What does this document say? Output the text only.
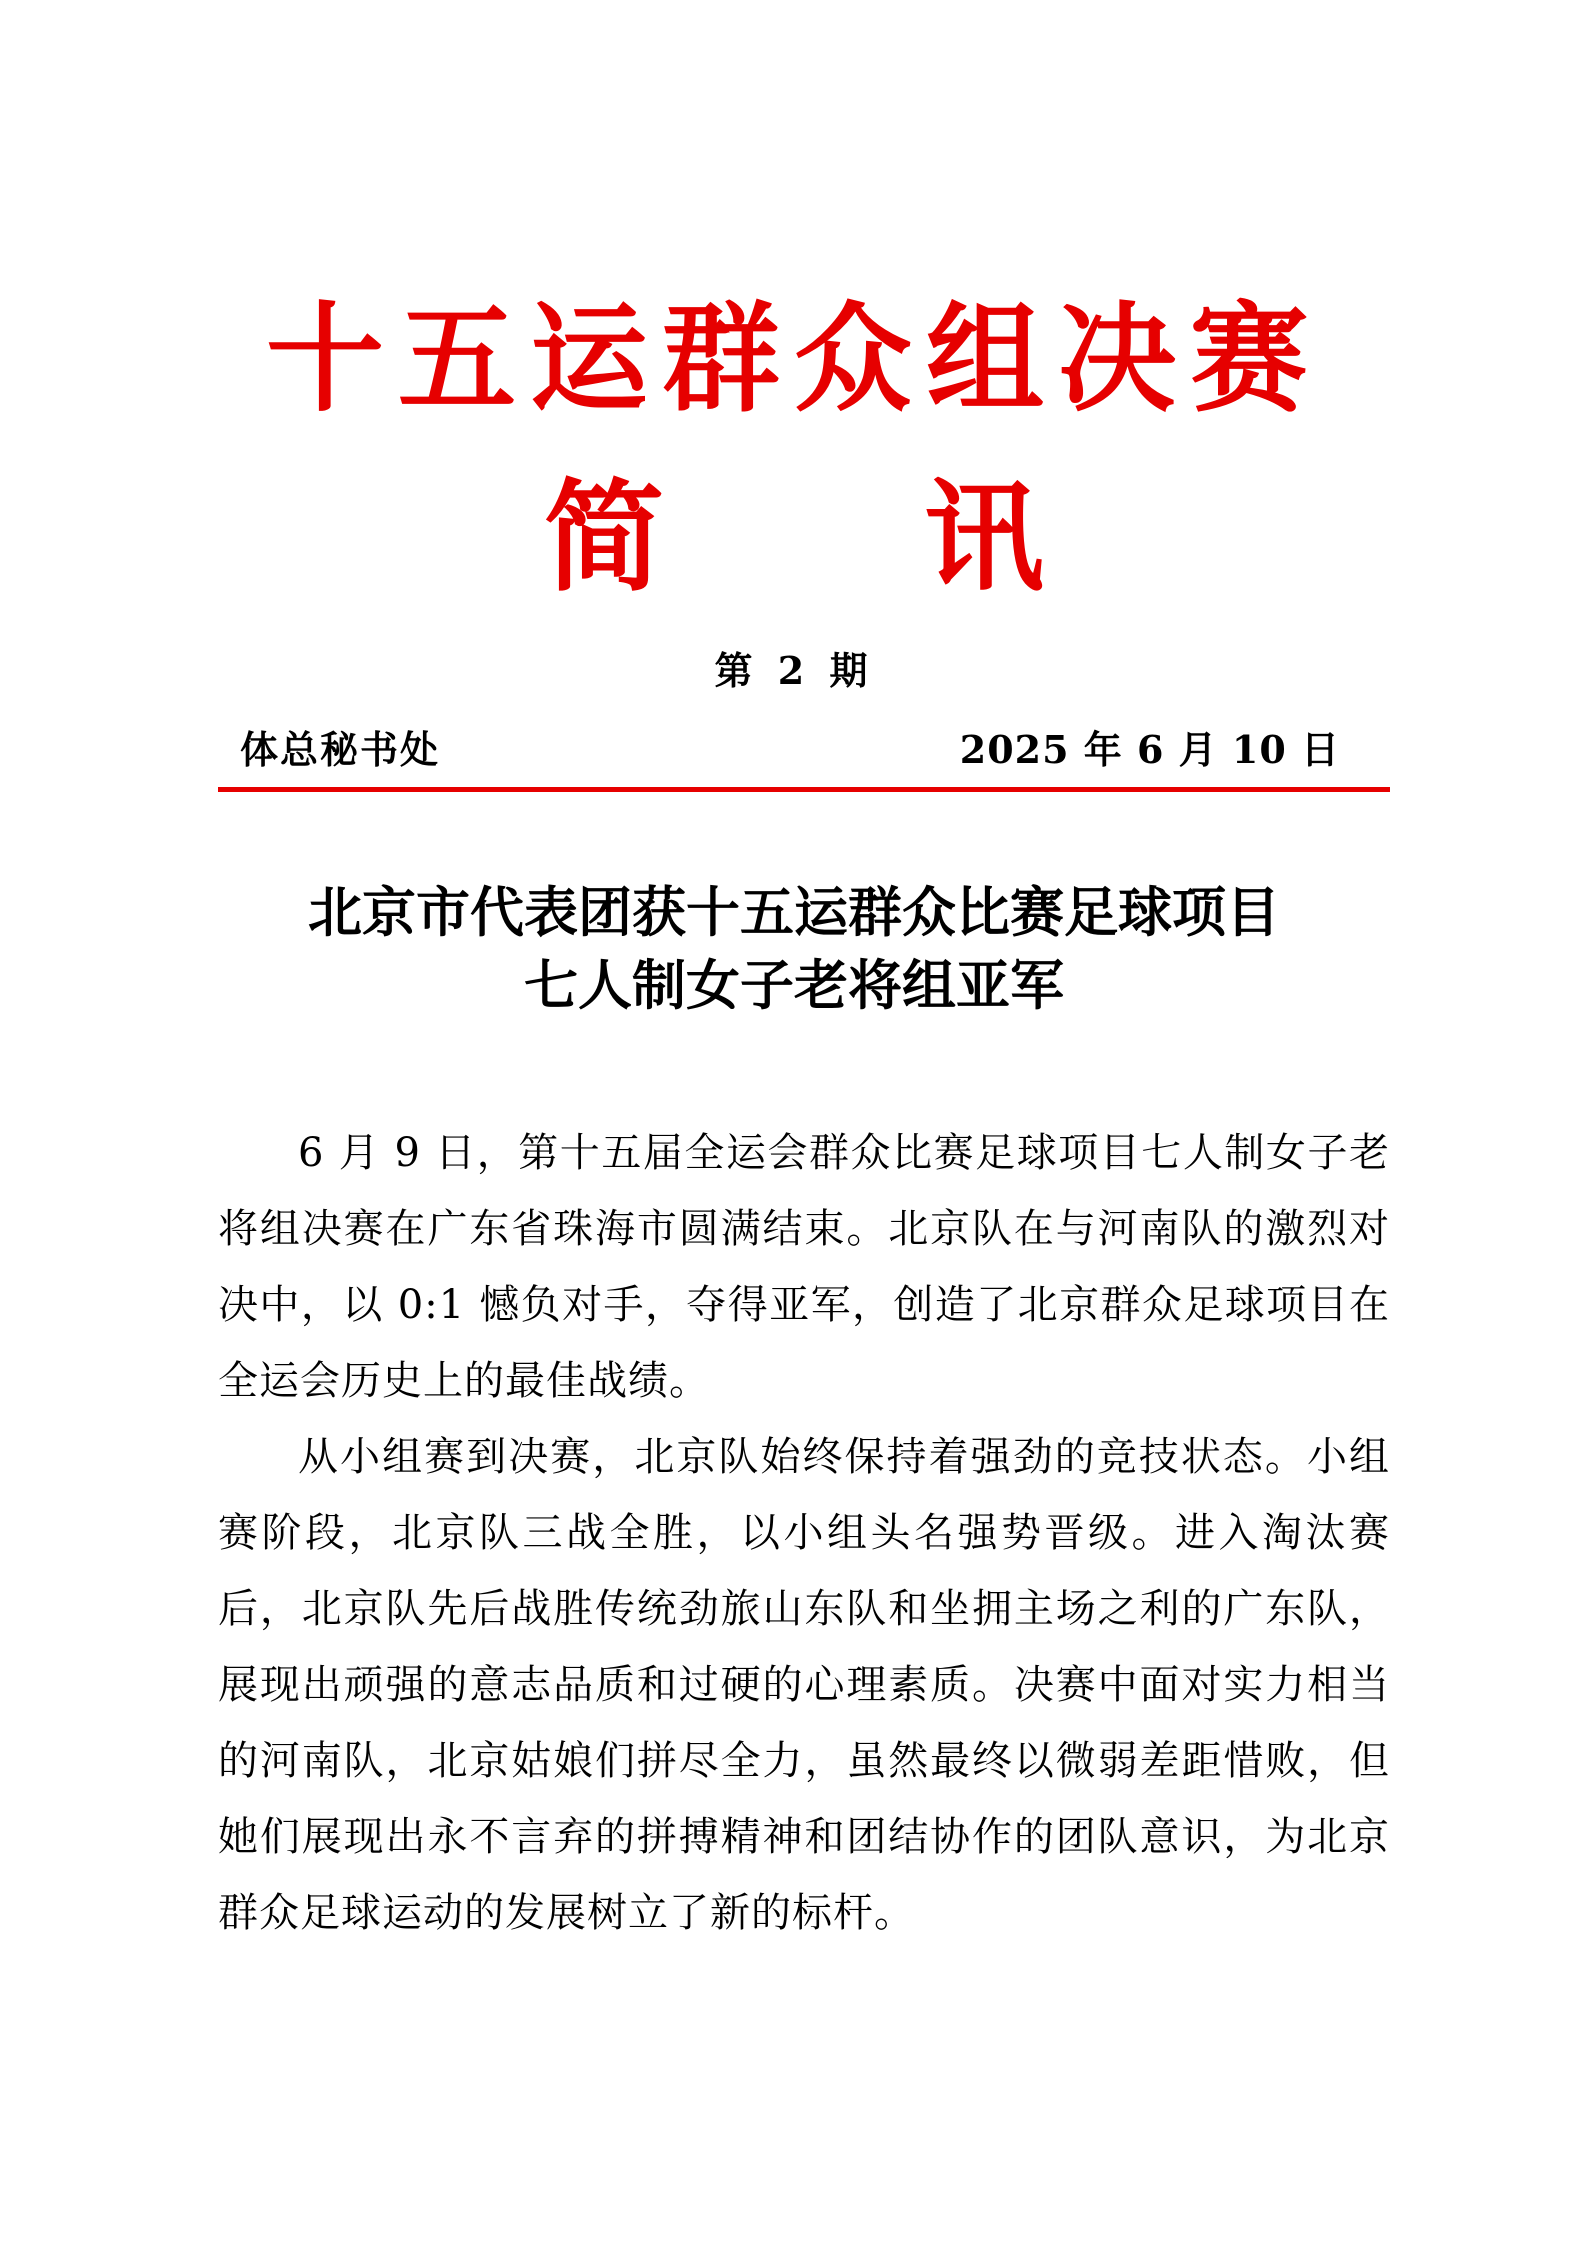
十五运群众组决赛
简 讯
第 2 期
体总秘书处	2025 年 6 月 10 日
北京市代表团获十五运群众比赛足球项目
七人制女子老将组亚军

6 月 9 日，第十五届全运会群众比赛足球项目七人制女子老将组决赛在广东省珠海市圆满结束。北京队在与河南队的激烈对决中，以 0:1 憾负对手，夺得亚军，创造了北京群众足球项目在全运会历史上的最佳战绩。

从小组赛到决赛，北京队始终保持着强劲的竞技状态。小组赛阶段，北京队三战全胜，以小组头名强势晋级。进入淘汰赛后，北京队先后战胜传统劲旅山东队和坐拥主场之利的广东队，展现出顽强的意志品质和过硬的心理素质。决赛中面对实力相当的河南队，北京姑娘们拼尽全力，虽然最终以微弱差距惜败，但她们展现出永不言弃的拼搏精神和团结协作的团队意识，为北京群众足球运动的发展树立了新的标杆。
